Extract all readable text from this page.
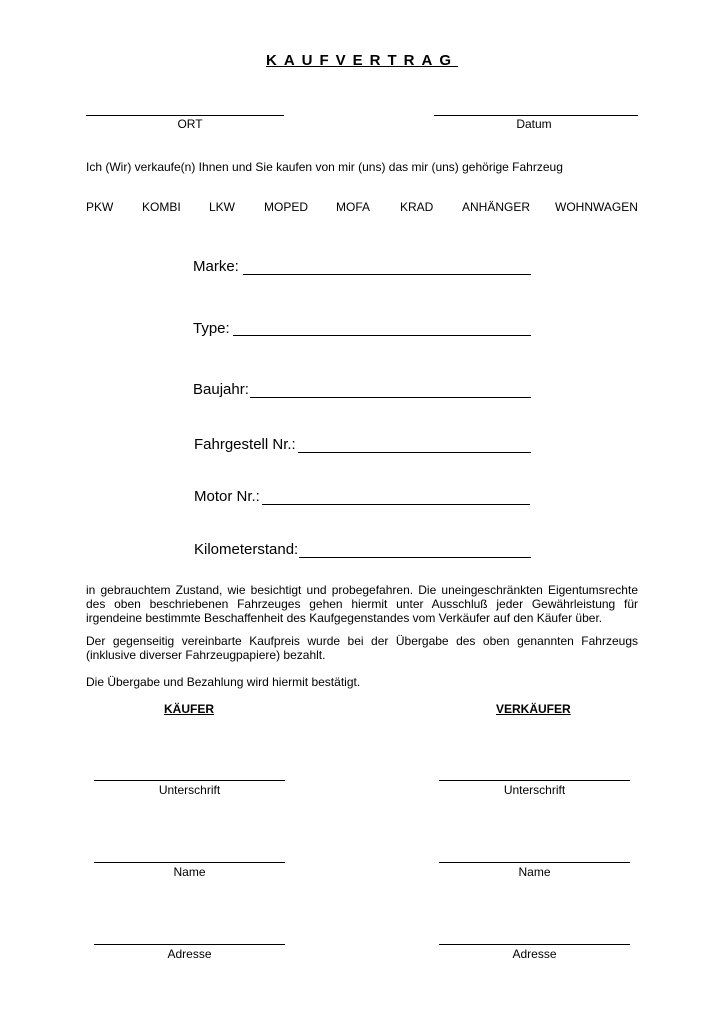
KAUFVERTRAG
ORT	Datum
Ich (Wir) verkaufe(n) Ihnen und Sie kaufen von mir (uns) das mir (uns) gehörige Fahrzeug
PKW KOMBI LKW MOPED MOFA KRAD ANHÄNGER WOHNWAGEN
Marke:
Type:
Baujahr:
Fahrgestell Nr.:
Motor Nr.:
Kilometerstand:
in gebrauchtem Zustand, wie besichtigt und probegefahren. Die uneingeschränkten Eigentumsrechte des oben beschriebenen Fahrzeuges gehen hiermit unter Ausschluß jeder Gewährleistung für irgendeine bestimmte Beschaffenheit des Kaufgegenstandes vom Verkäufer auf den Käufer über.
Der gegenseitig vereinbarte Kaufpreis wurde bei der Übergabe des oben genannten Fahrzeugs (inklusive diverser Fahrzeugpapiere) bezahlt.
Die Übergabe und Bezahlung wird hiermit bestätigt.
KÄUFER	VERKÄUFER
Unterschrift	Unterschrift
Name	Name
Adresse	Adresse
